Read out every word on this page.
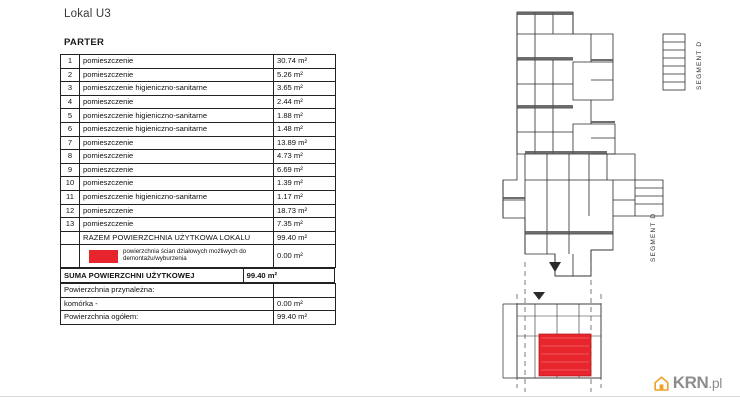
Lokal U3
PARTER
1	pomieszczenie	30.74 m²
2	pomieszczenie	5.26 m²
3	pomieszczenie higieniczno-sanitarne	3.65 m²
4	pomieszczenie	2.44 m²
5	pomieszczenie higieniczno-sanitarne	1.88 m²
6	pomieszczenie higieniczno-sanitarne	1.48 m²
7	pomieszczenie	13.89 m²
8	pomieszczenie	4.73 m²
9	pomieszczenie	6.69 m²
10	pomieszczenie	1.39 m²
11	pomieszczenie higieniczno-sanitarne	1.17 m²
12	pomieszczenie	18.73 m²
13	pomieszczenie	7.35 m²
	RAZEM POWIERZCHNIA UŻYTKOWA LOKALU	99.40 m²

	powierzchnia ścian działowych możliwych do demontażu/wyburzenia	0.00 m²
SUMA POWIERZCHNI UŻYTKOWEJ	99.40 m²
Powierzchnia przynależna:	
komórka -	0.00 m²
Powierzchnia ogółem:	99.40 m²
SEGMENT D
SEGMENT D
KRN.pl
